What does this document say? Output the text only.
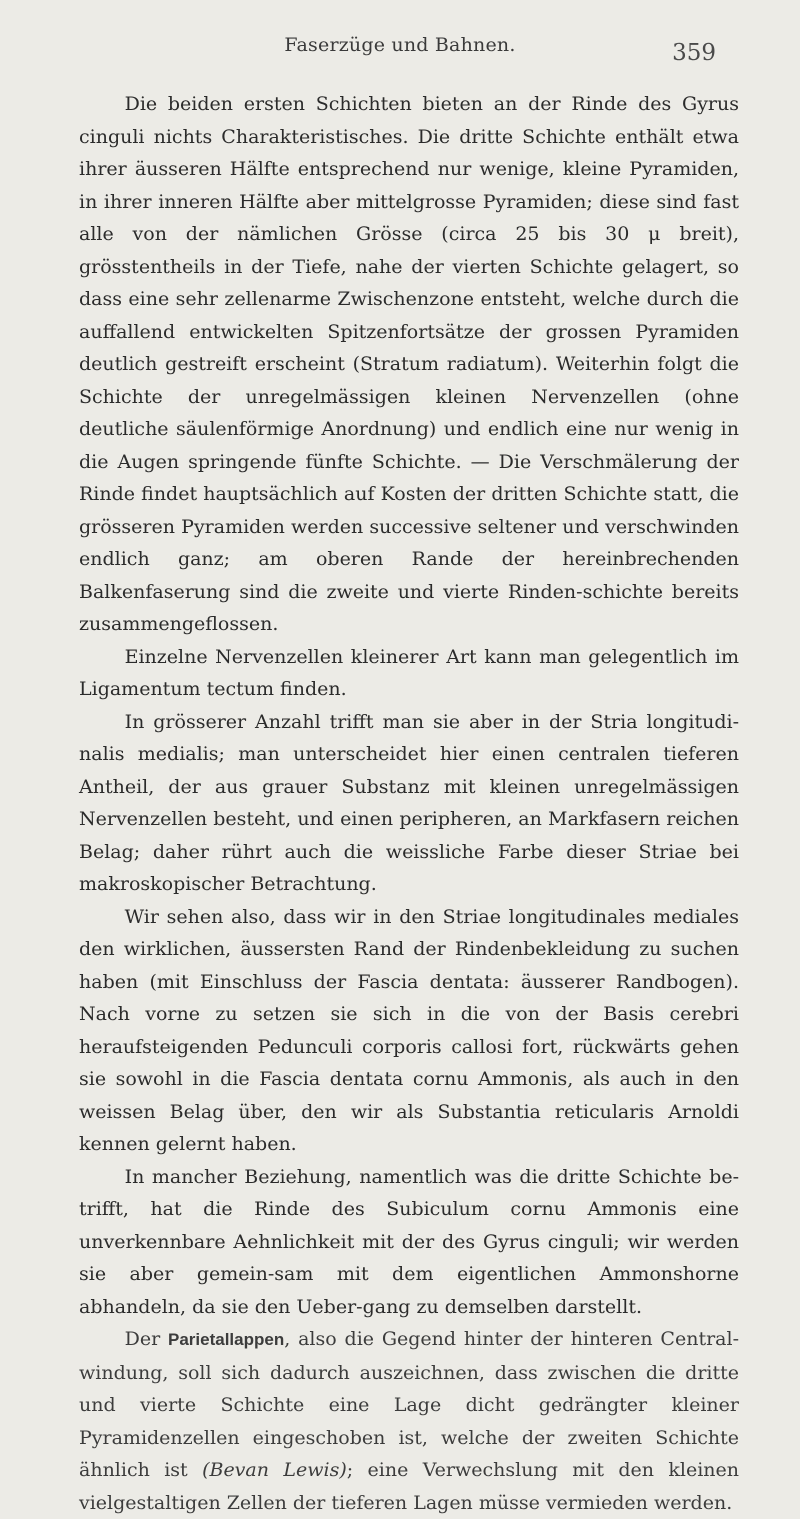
Faserzüge und Bahnen.	359

Die beiden ersten Schichten bieten an der Rinde des Gyrus cinguli nichts Charakteristisches. Die dritte Schichte enthält etwa ihrer äusseren Hälfte entsprechend nur wenige, kleine Pyramiden, in ihrer inneren Hälfte aber mittelgrosse Pyramiden; diese sind fast alle von der nämlichen Grösse (circa 25 bis 30 μ breit), grösstentheils in der Tiefe, nahe der vierten Schichte gelagert, so dass eine sehr zellenarme Zwischenzone entsteht, welche durch die auffallend entwickelten Spitzenfortsätze der grossen Pyramiden deutlich gestreift erscheint (Stratum radiatum). Weiterhin folgt die Schichte der unregelmässigen kleinen Nervenzellen (ohne deutliche säulenförmige Anordnung) und endlich eine nur wenig in die Augen springende fünfte Schichte. — Die Verschmälerung der Rinde findet hauptsächlich auf Kosten der dritten Schichte statt, die grösseren Pyramiden werden successive seltener und verschwinden endlich ganz; am oberen Rande der hereinbrechenden Balkenfaserung sind die zweite und vierte Rinden-schichte bereits zusammengeflossen.

Einzelne Nervenzellen kleinerer Art kann man gelegentlich im Ligamentum tectum finden.

In grösserer Anzahl trifft man sie aber in der Stria longitudi-nalis medialis; man unterscheidet hier einen centralen tieferen Antheil, der aus grauer Substanz mit kleinen unregelmässigen Nervenzellen besteht, und einen peripheren, an Markfasern reichen Belag; daher rührt auch die weissliche Farbe dieser Striae bei makroskopischer Betrachtung.

Wir sehen also, dass wir in den Striae longitudinales mediales den wirklichen, äussersten Rand der Rindenbekleidung zu suchen haben (mit Einschluss der Fascia dentata: äusserer Randbogen). Nach vorne zu setzen sie sich in die von der Basis cerebri heraufsteigenden Pedunculi corporis callosi fort, rückwärts gehen sie sowohl in die Fascia dentata cornu Ammonis, als auch in den weissen Belag über, den wir als Substantia reticularis Arnoldi kennen gelernt haben.

In mancher Beziehung, namentlich was die dritte Schichte be-trifft, hat die Rinde des Subiculum cornu Ammonis eine unverkennbare Aehnlichkeit mit der des Gyrus cinguli; wir werden sie aber gemein-sam mit dem eigentlichen Ammonshorne abhandeln, da sie den Ueber-gang zu demselben darstellt.

Der Parietallappen, also die Gegend hinter der hinteren Central-windung, soll sich dadurch auszeichnen, dass zwischen die dritte und vierte Schichte eine Lage dicht gedrängter kleiner Pyramidenzellen eingeschoben ist, welche der zweiten Schichte ähnlich ist (Bevan Lewis); eine Verwechslung mit den kleinen vielgestaltigen Zellen der tieferen Lagen müsse vermieden werden.
